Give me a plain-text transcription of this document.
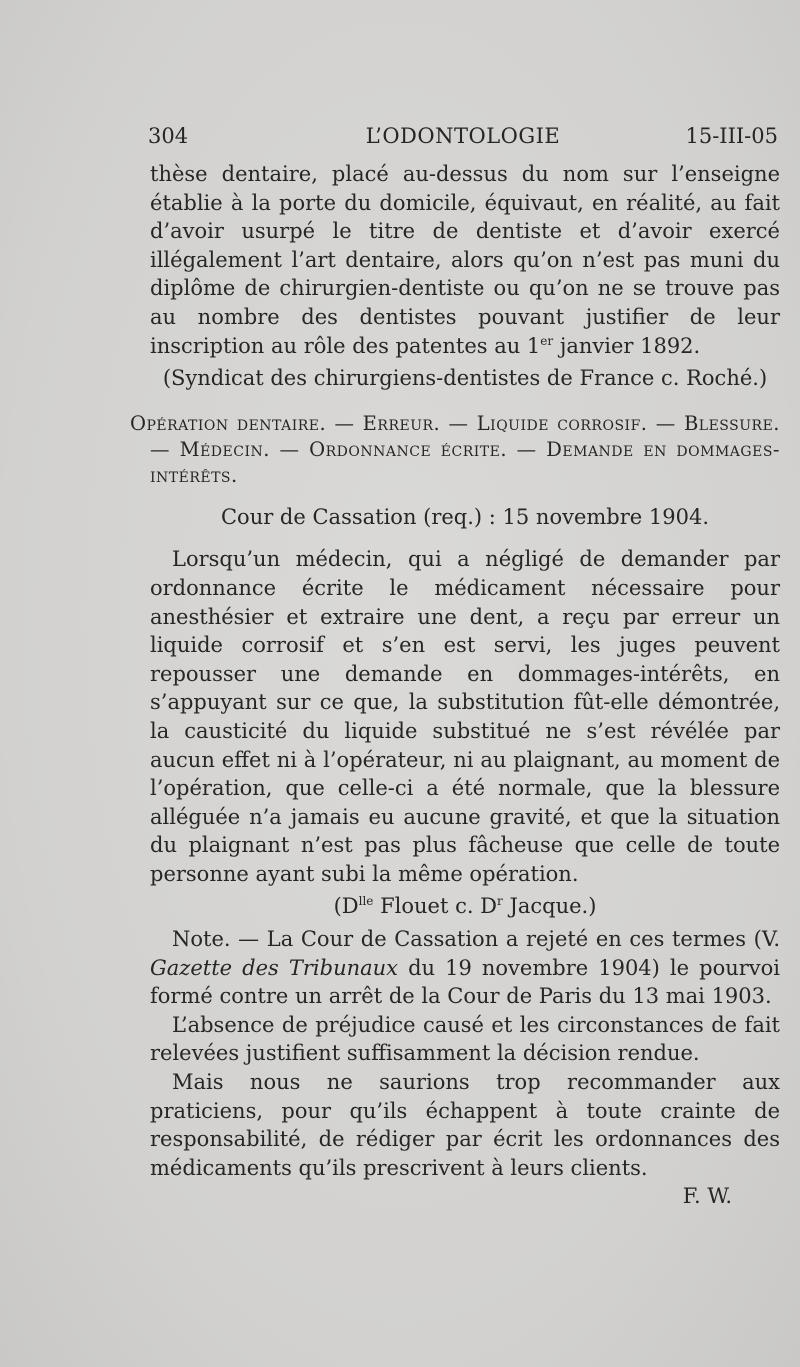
304	L’ODONTOLOGIE	15-III-05

thèse dentaire, placé au-dessus du nom sur l’enseigne établie à la porte du domicile, équivaut, en réalité, au fait d’avoir usurpé le titre de dentiste et d’avoir exercé illégalement l’art dentaire, alors qu’on n’est pas muni du diplôme de chirurgien-dentiste ou qu’on ne se trouve pas au nombre des dentistes pouvant justifier de leur inscription au rôle des patentes au 1er janvier 1892.

(Syndicat des chirurgiens-dentistes de France c. Roché.)

Opération dentaire. — Erreur. — Liquide corrosif. — Blessure. — Médecin. — Ordonnance écrite. — Demande en dommages-intérêts.

Cour de Cassation (req.) : 15 novembre 1904.

Lorsqu’un médecin, qui a négligé de demander par ordonnance écrite le médicament nécessaire pour anesthésier et extraire une dent, a reçu par erreur un liquide corrosif et s’en est servi, les juges peuvent repousser une demande en dommages-intérêts, en s’appuyant sur ce que, la substitution fût-elle démontrée, la causticité du liquide substitué ne s’est révélée par aucun effet ni à l’opérateur, ni au plaignant, au moment de l’opération, que celle-ci a été normale, que la blessure alléguée n’a jamais eu aucune gravité, et que la situation du plaignant n’est pas plus fâcheuse que celle de toute personne ayant subi la même opération.

($D^{lle}$ Flouet c. $D^r$ Jacque.)

Note. — La Cour de Cassation a rejeté en ces termes (V. Gazette des Tribunaux du 19 novembre 1904) le pourvoi formé contre un arrêt de la Cour de Paris du 13 mai 1903.

L’absence de préjudice causé et les circonstances de fait relevées justifient suffisamment la décision rendue.

Mais nous ne saurions trop recommander aux praticiens, pour qu’ils échappent à toute crainte de responsabilité, de rédiger par écrit les ordonnances des médicaments qu’ils prescrivent à leurs clients.

F. W.
